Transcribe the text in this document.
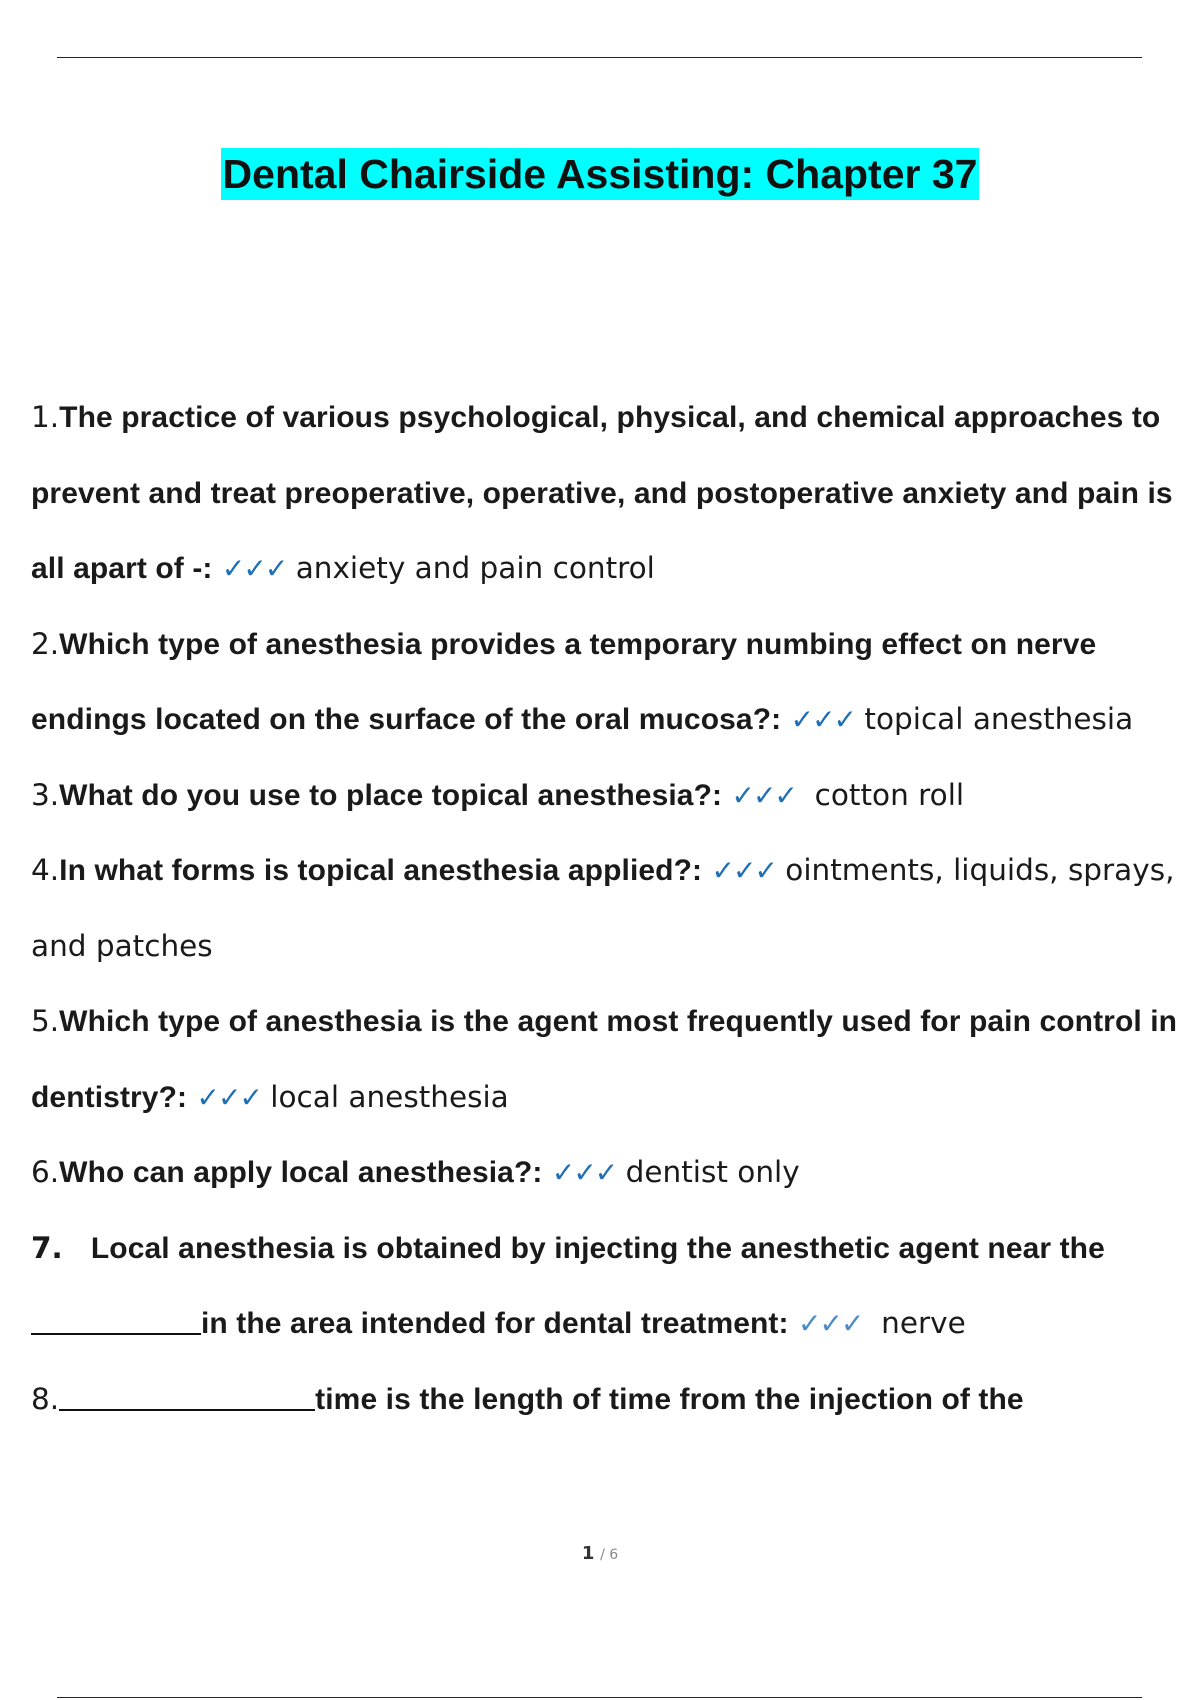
Dental Chairside Assisting: Chapter 37

1.The practice of various psychological, physical, and chemical approaches to prevent and treat preoperative, operative, and postoperative anxiety and pain is all apart of -: ✓✓✓ anxiety and pain control

2.Which type of anesthesia provides a temporary numbing effect on nerve endings located on the surface of the oral mucosa?: ✓✓✓ topical anesthesia

3.What do you use to place topical anesthesia?: ✓✓✓ cotton roll

4.In what forms is topical anesthesia applied?: ✓✓✓ ointments, liquids, sprays, and patches

5.Which type of anesthesia is the agent most frequently used for pain control in dentistry?: ✓✓✓ local anesthesia

6.Who can apply local anesthesia?: ✓✓✓ dentist only

7. Local anesthesia is obtained by injecting the anesthetic agent near the in the area intended for dental treatment: ✓✓✓ nerve

8.	time is the length of time from the injection of the

1 / 6
